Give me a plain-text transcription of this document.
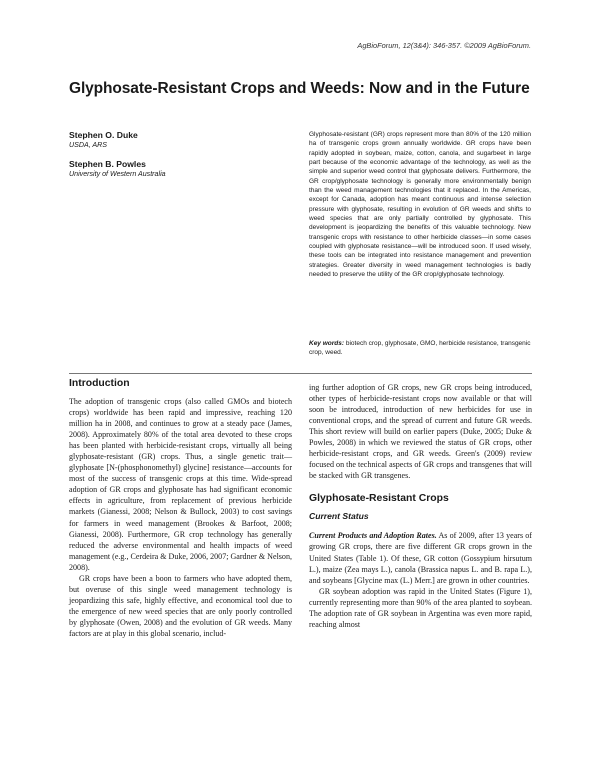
AgBioForum, 12(3&4): 346-357. ©2009 AgBioForum.
Glyphosate-Resistant Crops and Weeds: Now and in the Future

Stephen O. Duke

USDA, ARS

Stephen B. Powles

University of Western Australia

Glyphosate-resistant (GR) crops represent more than 80% of the 120 million ha of transgenic crops grown annually worldwide. GR crops have been rapidly adopted in soybean, maize, cotton, canola, and sugarbeet in large part because of the economic advantage of the technology, as well as the simple and superior weed control that glyphosate delivers. Furthermore, the GR crop/glyphosate technology is generally more environmentally benign than the weed management technologies that it replaced. In the Americas, except for Canada, adoption has meant continuous and intense selection pressure with glyphosate, resulting in evolution of GR weeds and shifts to weed species that are only partially controlled by glyphosate. This development is jeopardizing the benefits of this valuable technology. New transgenic crops with resistance to other herbicide classes—in some cases coupled with glyphosate resistance—will be introduced soon. If used wisely, these tools can be integrated into resistance management and prevention strategies. Greater diversity in weed management technologies is badly needed to preserve the utility of the GR crop/glyphosate technology.

Key words: biotech crop, glyphosate, GMO, herbicide resistance, transgenic crop, weed.

Introduction

The adoption of transgenic crops (also called GMOs and biotech crops) worldwide has been rapid and impressive, reaching 120 million ha in 2008, and continues to grow at a steady pace (James, 2008). Approximately 80% of the total area devoted to these crops has been planted with herbicide-resistant crops, virtually all being glyphosate-resistant (GR) crops. Thus, a single genetic trait—glyphosate [N-(phosphonomethyl) glycine] resistance—accounts for most of the success of transgenic crops at this time. Wide-spread adoption of GR crops and glyphosate has had significant economic effects in agriculture, from replacement of previous herbicide markets (Gianessi, 2008; Nelson & Bullock, 2003) to cost savings for farmers in weed management (Brookes & Barfoot, 2008; Gianessi, 2008). Furthermore, GR crop technology has generally reduced the adverse environmental and health impacts of weed management (e.g., Cerdeira & Duke, 2006, 2007; Gardner & Nelson, 2008).

GR crops have been a boon to farmers who have adopted them, but overuse of this single weed management technology is jeopardizing this safe, highly effective, and economical tool due to the emergence of new weed species that are only poorly controlled by glyphosate (Owen, 2008) and the evolution of GR weeds. Many factors are at play in this global scenario, includ-

ing further adoption of GR crops, new GR crops being introduced, other types of herbicide-resistant crops now available or that will soon be introduced, introduction of new herbicides for use in conventional crops, and the spread of current and future GR weeds. This short review will build on earlier papers (Duke, 2005; Duke & Powles, 2008) in which we reviewed the status of GR crops, other herbicide-resistant crops, and GR weeds. Green's (2009) review focused on the technical aspects of GR crops and transgenes that will be stacked with GR transgenes.

Glyphosate-Resistant Crops
Current Status

Current Products and Adoption Rates. As of 2009, after 13 years of growing GR crops, there are five different GR crops grown in the United States (Table 1). Of these, GR cotton (Gossypium hirsutum L.), maize (Zea mays L.), canola (Brassica napus L. and B. rapa L.), and soybeans [Glycine max (L.) Merr.] are grown in other countries.

GR soybean adoption was rapid in the United States (Figure 1), currently representing more than 90% of the area planted to soybean. The adoption rate of GR soybean in Argentina was even more rapid, reaching almost
